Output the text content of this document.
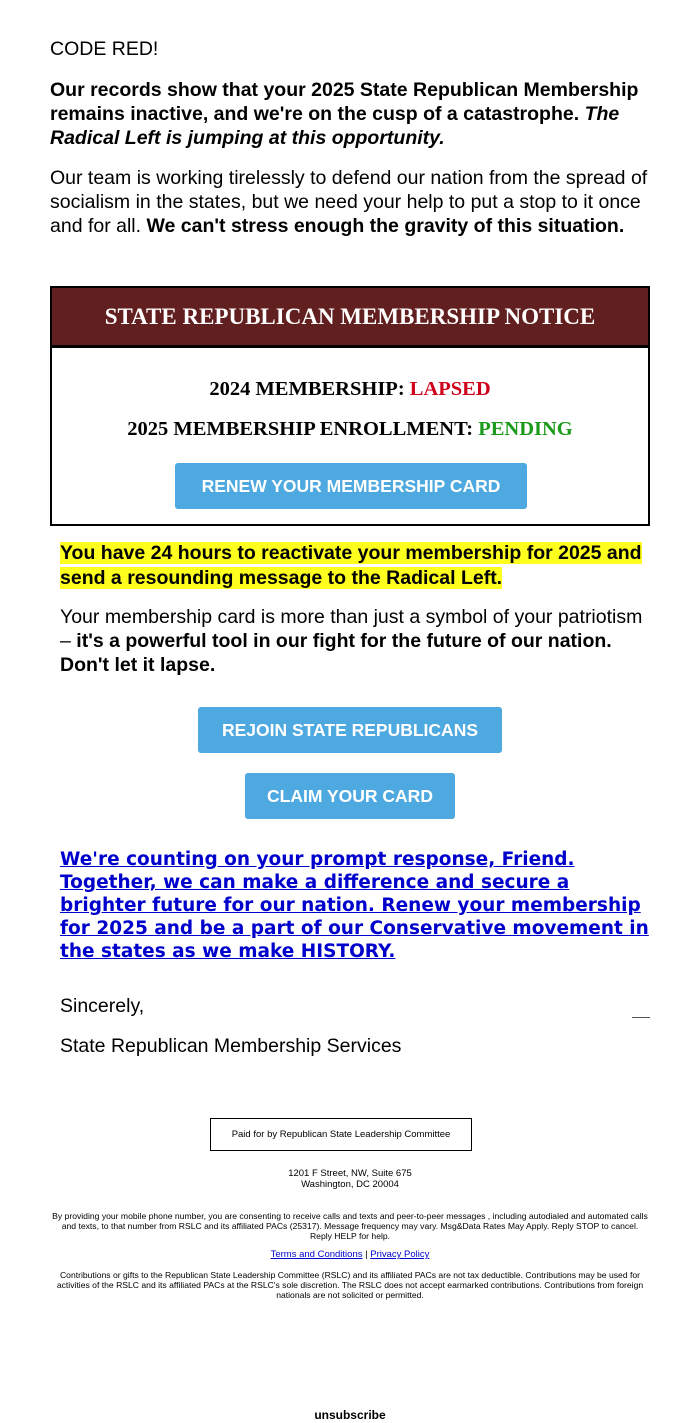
CODE RED!
Our records show that your 2025 State Republican Membership remains inactive, and we're on the cusp of a catastrophe. The Radical Left is jumping at this opportunity.
Our team is working tirelessly to defend our nation from the spread of socialism in the states, but we need your help to put a stop to it once and for all. We can't stress enough the gravity of this situation.
STATE REPUBLICAN MEMBERSHIP NOTICE
2024 MEMBERSHIP: LAPSED
2025 MEMBERSHIP ENROLLMENT: PENDING
RENEW YOUR MEMBERSHIP CARD
You have 24 hours to reactivate your membership for 2025 and send a resounding message to the Radical Left.
Your membership card is more than just a symbol of your patriotism – it's a powerful tool in our fight for the future of our nation. Don't let it lapse.
REJOIN STATE REPUBLICANS
CLAIM YOUR CARD
We're counting on your prompt response, Friend. Together, we can make a difference and secure a brighter future for our nation. Renew your membership for 2025 and be a part of our Conservative movement in the states as we make HISTORY.
Sincerely,
State Republican Membership Services
Paid for by Republican State Leadership Committee
1201 F Street, NW, Suite 675
Washington, DC 20004
By providing your mobile phone number, you are consenting to receive calls and texts and peer-to-peer messages , including autodialed and automated calls and texts, to that number from RSLC and its affiliated PACs (25317). Message frequency may vary. Msg&Data Rates May Apply. Reply STOP to cancel. Reply HELP for help.
Terms and Conditions | Privacy Policy
Contributions or gifts to the Republican State Leadership Committee (RSLC) and its affiliated PACs are not tax deductible. Contributions may be used for activities of the RSLC and its affiliated PACs at the RSLC's sole discretion. The RSLC does not accept earmarked contributions. Contributions from foreign nationals are not solicited or permitted.
unsubscribe
